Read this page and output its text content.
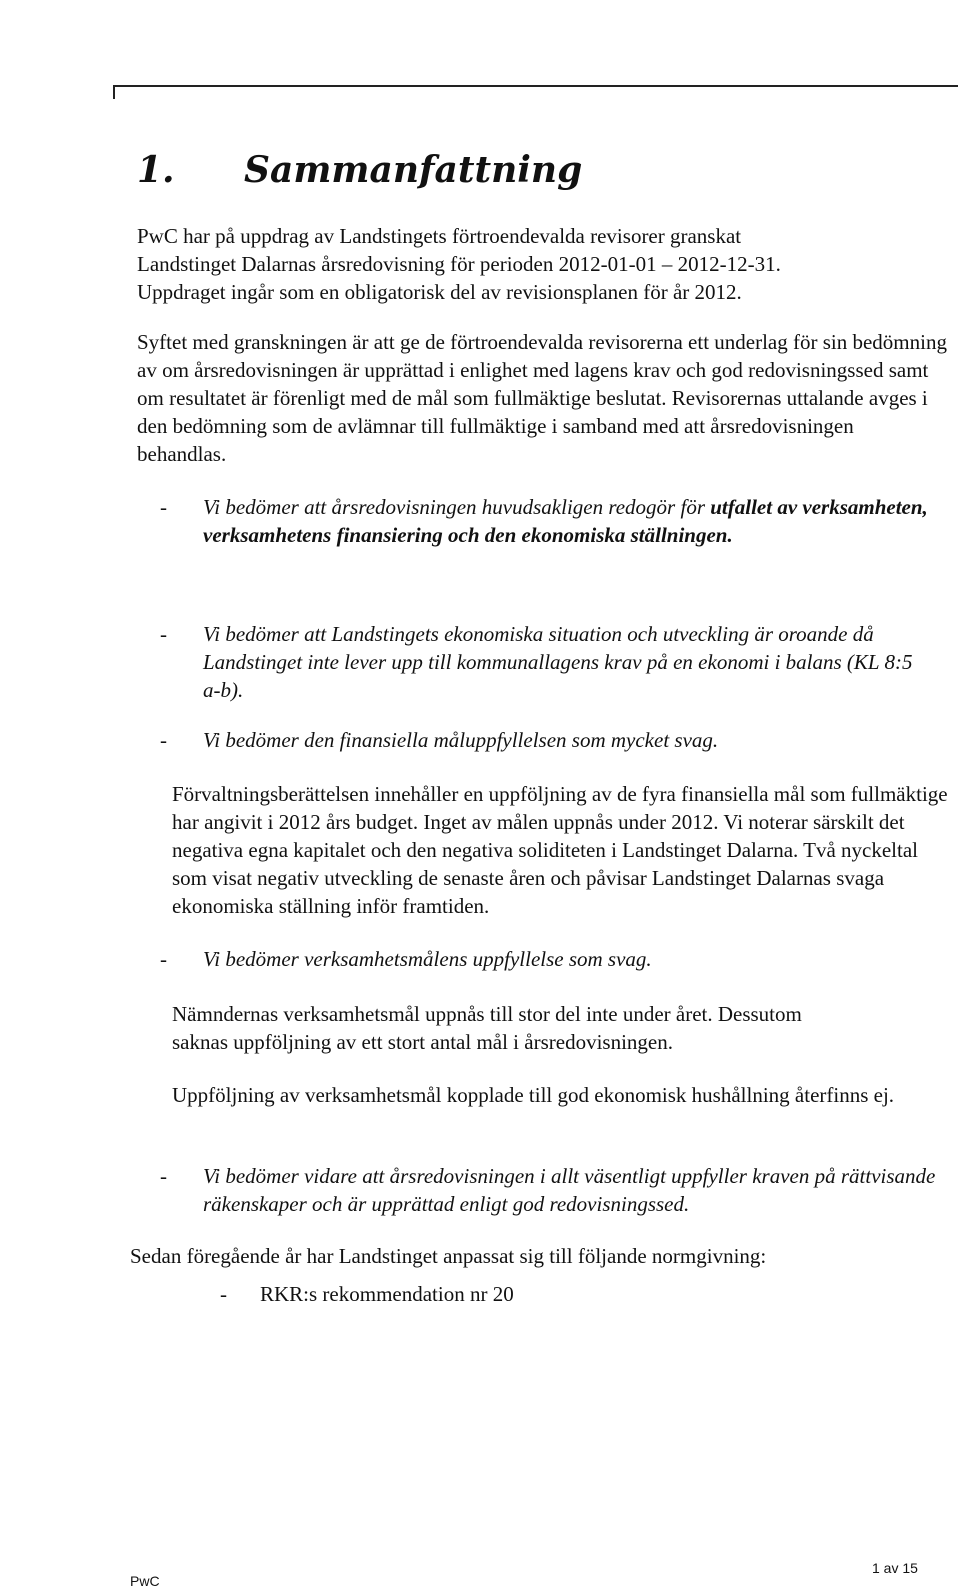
1. Sammanfattning

PwC har på uppdrag av Landstingets förtroendevalda revisorer granskat Landstinget Dalarnas årsredovisning för perioden 2012-01-01 – 2012-12-31. Uppdraget ingår som en obligatorisk del av revisionsplanen för år 2012.

Syftet med granskningen är att ge de förtroendevalda revisorerna ett underlag för sin bedömning av om årsredovisningen är upprättad i enlighet med lagens krav och god redovisningssed samt om resultatet är förenligt med de mål som fullmäktige beslutat. Revisorernas uttalande avges i den bedömning som de avlämnar till fullmäktige i samband med att årsredovisningen behandlas.

-	Vi bedömer att årsredovisningen huvudsakligen redogör för utfallet av verksamheten, verksamhetens finansiering och den ekonomiska ställningen.
-	Vi bedömer att Landstingets ekonomiska situation och utveckling är oroande då Landstinget inte lever upp till kommunallagens krav på en ekonomi i balans (KL 8:5 a-b).
-	Vi bedömer den finansiella måluppfyllelsen som mycket svag.

Förvaltningsberättelsen innehåller en uppföljning av de fyra finansiella mål som fullmäktige har angivit i 2012 års budget. Inget av målen uppnås under 2012. Vi noterar särskilt det negativa egna kapitalet och den negativa soliditeten i Landstinget Dalarna. Två nyckeltal som visat negativ utveckling de senaste åren och påvisar Landstinget Dalarnas svaga ekonomiska ställning inför framtiden.

-	Vi bedömer verksamhetsmålens uppfyllelse som svag.

Nämndernas verksamhetsmål uppnås till stor del inte under året. Dessutom saknas uppföljning av ett stort antal mål i årsredovisningen.

Uppföljning av verksamhetsmål kopplade till god ekonomisk hushållning återfinns ej.

-	Vi bedömer vidare att årsredovisningen i allt väsentligt uppfyller kraven på rättvisande räkenskaper och är upprättad enligt god redovisningssed.

Sedan föregående år har Landstinget anpassat sig till följande normgivning:

-	RKR:s rekommendation nr 20

PwC

1 av 15
